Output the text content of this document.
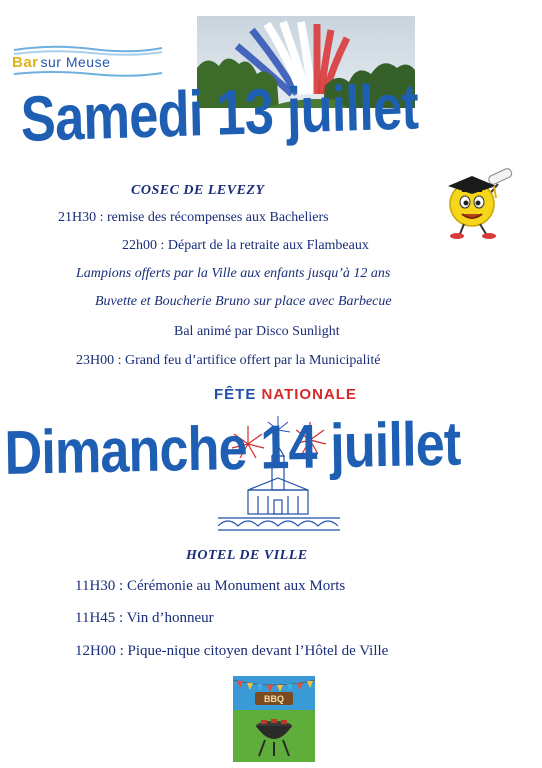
Bar sur Meuse
Samedi 13 juillet
COSEC DE LEVEZY
21H30 : remise des récompenses aux Bacheliers
22h00 : Départ de la retraite aux Flambeaux
Lampions offerts par la Ville aux enfants jusqu’à 12 ans
Buvette et Boucherie Bruno sur place avec Barbecue
Bal animé par Disco Sunlight
23H00 : Grand feu d’artifice offert par la Municipalité
FÊTE NATIONALE
Dimanche 14 juillet
HOTEL DE VILLE
11H30 : Cérémonie au Monument aux Morts
11H45 : Vin d’honneur
12H00 : Pique-nique citoyen devant l’Hôtel de Ville
BBQ
